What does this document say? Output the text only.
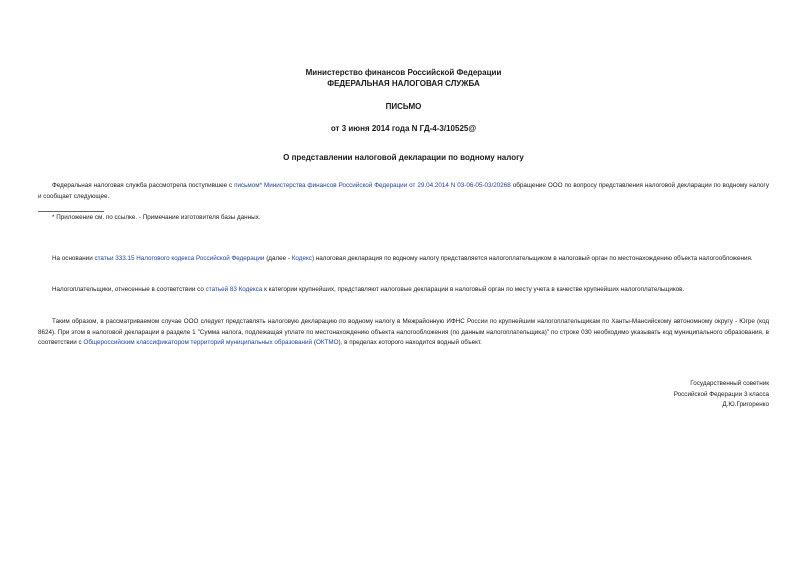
Министерство финансов Российской Федерации
ФЕДЕРАЛЬНАЯ НАЛОГОВАЯ СЛУЖБА
ПИСЬМО
от 3 июня 2014 года N ГД-4-3/10525@
О представлении налоговой декларации по водному налогу
Федеральная налоговая служба рассмотрела поступившее с письмом* Министерства финансов Российской Федерации от 29.04.2014 N 03-06-05-03/20268 обращение ООО по вопросу представления налоговой декларации по водному налогу и сообщает следующее.
* Приложение см. по ссылке. - Примечание изготовителя базы данных.
На основании статьи 333.15 Налогового кодекса Российской Федерации (далее - Кодекс) налоговая декларация по водному налогу представляется налогоплательщиком в налоговый орган по местонахождению объекта налогообложения.
Налогоплательщики, отнесенные в соответствии со статьей 83 Кодекса к категории крупнейших, представляют налоговые декларации в налоговый орган по месту учета в качестве крупнейших налогоплательщиков.
Таким образом, в рассматриваемом случае ООО следует представлять налоговую декларацию по водному налогу в Межрайонную ИФНС России по крупнейшим налогоплательщикам по Ханты-Мансийскому автономному округу - Югре (код 8624). При этом в налоговой декларации в разделе 1 "Сумма налога, подлежащая уплате по местонахождению объекта налогообложения (по данным налогоплательщика)" по строке 030 необходимо указывать код муниципального образования, в соответствии с Общероссийским классификатором территорий муниципальных образований (ОКТМО), в пределах которого находится водный объект.
Государственный советник
Российской Федерации 3 класса
Д.Ю.Григоренко
